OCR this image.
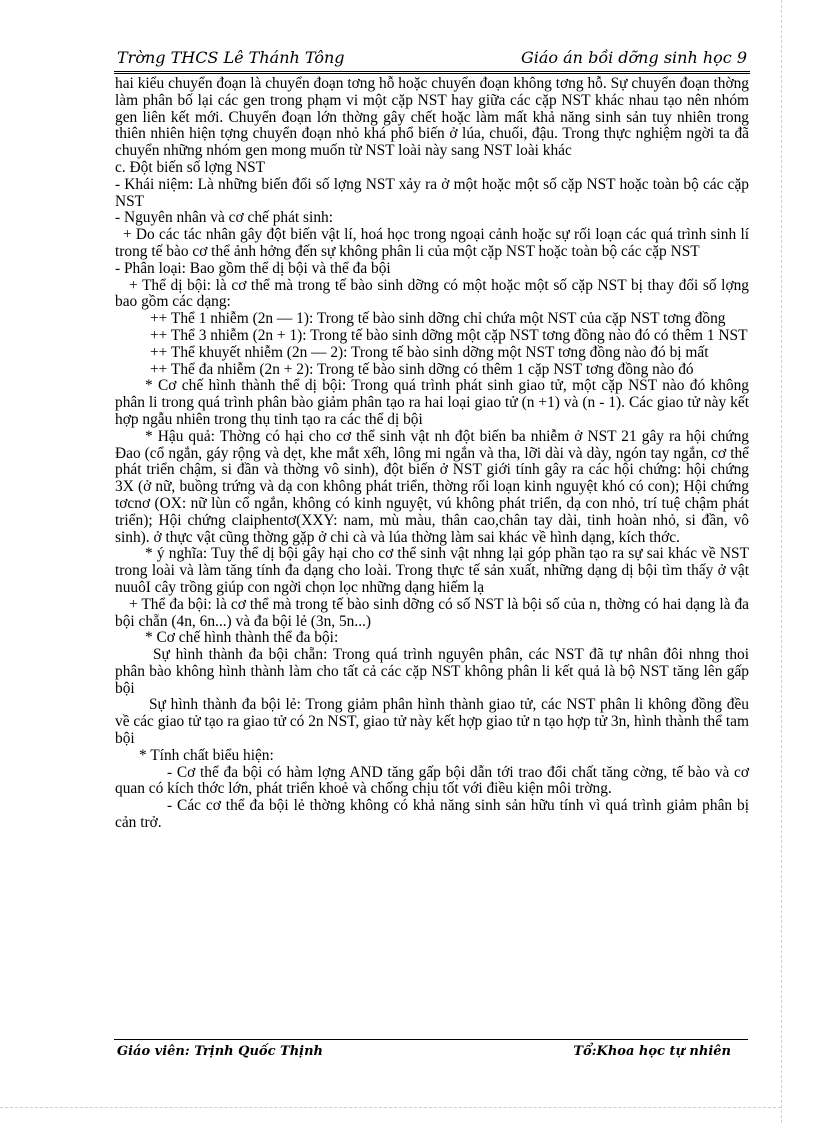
Trờng THCS Lê Thánh Tông	Giáo án bồi dỡng sinh học 9

hai kiểu chuyển đoạn là chuyển đoạn tơng hỗ hoặc chuyển đoạn không tơng hỗ. Sự chuyển đoạn thờng làm phân bố lại các gen trong phạm vi một cặp NST hay giữa các cặp NST khác nhau tạo nên nhóm gen liên kết mới. Chuyển đoạn lớn thờng gây chết hoặc làm mất khả năng sinh sản tuy nhiên trong thiên nhiên hiện tợng chuyển đoạn nhỏ khá phổ biến ở lúa, chuối, đậu. Trong thực nghiệm ngời ta đã chuyển những nhóm gen mong muốn từ NST loài này sang NST loài khác

c. Đột biến số lợng NST

- Khái niệm: Là những biến đổi số lợng NST xảy ra ở một hoặc một số cặp NST hoặc toàn bộ các cặp NST

- Nguyên nhân và cơ chế phát sinh:

+ Do các tác nhân gây đột biến vật lí, hoá học trong ngoại cảnh hoặc sự rối loạn các quá trình sinh lí trong tế bào cơ thể ảnh hởng đến sự không phân li của một cặp NST hoặc toàn bộ các cặp NST

- Phân loại: Bao gồm thể dị bội và thể đa bội

+ Thể dị bội: là cơ thể mà trong tế bào sinh dỡng có một hoặc một số cặp NST bị thay đổi số lợng bao gồm các dạng:

++ Thể 1 nhiễm (2n — 1): Trong tế bào sinh dỡng chỉ chứa một NST của cặp NST tơng đồng

++ Thể 3 nhiễm (2n + 1): Trong tế bào sinh dỡng một cặp NST tơng đồng nào đó có thêm 1 NST

++ Thể khuyết nhiễm (2n — 2): Trong tế bào sinh dỡng một NST tơng đồng nào đó bị mất

++ Thể đa nhiễm (2n + 2): Trong tế bào sinh dỡng có thêm 1 cặp NST tơng đồng nào đó

* Cơ chế hình thành thể dị bội: Trong quá trình phát sinh giao tử, một cặp NST nào đó không phân li trong quá trình phân bào giảm phân tạo ra hai loại giao tử (n +1) và (n - 1). Các giao tử này kết hợp ngẫu nhiên trong thụ tinh tạo ra các thể dị bội

* Hậu quả: Thờng có hại cho cơ thể sinh vật nh đột biến ba nhiễm ở NST 21 gây ra hội chứng Đao (cổ ngắn, gáy rộng và dẹt, khe mắt xếh, lông mi ngắn và tha, lỡi dài và dày, ngón tay ngắn, cơ thể phát triển chậm, si đần và thờng vô sinh), đột biến ở NST giới tính gây ra các hội chứng: hội chứng 3X (ở nữ, buồng trứng và dạ con không phát triển, thờng rối loạn kinh nguyệt khó có con); Hội chứng tơcnơ (OX: nữ lùn cổ ngắn, không có kinh nguyệt, vú không phát triển, dạ con nhỏ, trí tuệ chậm phát triển); Hội chứng claiphentơ(XXY: nam, mù màu, thân cao,chân tay dài, tinh hoàn nhỏ, si đần, vô sinh). ở thực vật cũng thờng gặp ở chi cà và lúa thờng làm sai khác về hình dạng, kích thớc.

* ý nghĩa: Tuy thể dị bội gây hại cho cơ thể sinh vật nhng lại góp phần tạo ra sự sai khác về NST trong loài và làm tăng tính đa dạng cho loài. Trong thực tế sản xuất, những dạng dị bội tìm thấy ở vật nuuôI cây trồng giúp con ngời chọn lọc những dạng hiếm lạ

+ Thể đa bội: là cơ thể mà trong tế bào sinh dỡng có số NST là bội số của n, thờng có hai dạng là đa bội chẵn (4n, 6n...) và đa bội lẻ (3n, 5n...)

* Cơ chế hình thành thể đa bội:

Sự hình thành đa bội chẵn: Trong quá trình nguyên phân, các NST đã tự nhân đôi nhng thoi phân bào không hình thành làm cho tất cả các cặp NST không phân li kết quả là bộ NST tăng lên gấp bội

Sự hình thành đa bội lẻ: Trong giảm phân hình thành giao tử, các NST phân li không đồng đều về các giao tử tạo ra giao tử có 2n NST, giao tử này kết hợp giao tử n tạo hợp tử 3n, hình thành thể tam bội

* Tính chất biểu hiện:

- Cơ thể đa bội có hàm lợng AND tăng gấp bội dẫn tới trao đổi chất tăng cờng, tế bào và cơ quan có kích thớc lớn, phát triển khoẻ và chống chịu tốt với điều kiện môi trờng.

- Các cơ thể đa bội lẻ thờng không có khả năng sinh sản hữu tính vì quá trình giảm phân bị cản trở.

Giáo viên: Trịnh Quốc Thịnh	Tổ:Khoa học tự nhiên
